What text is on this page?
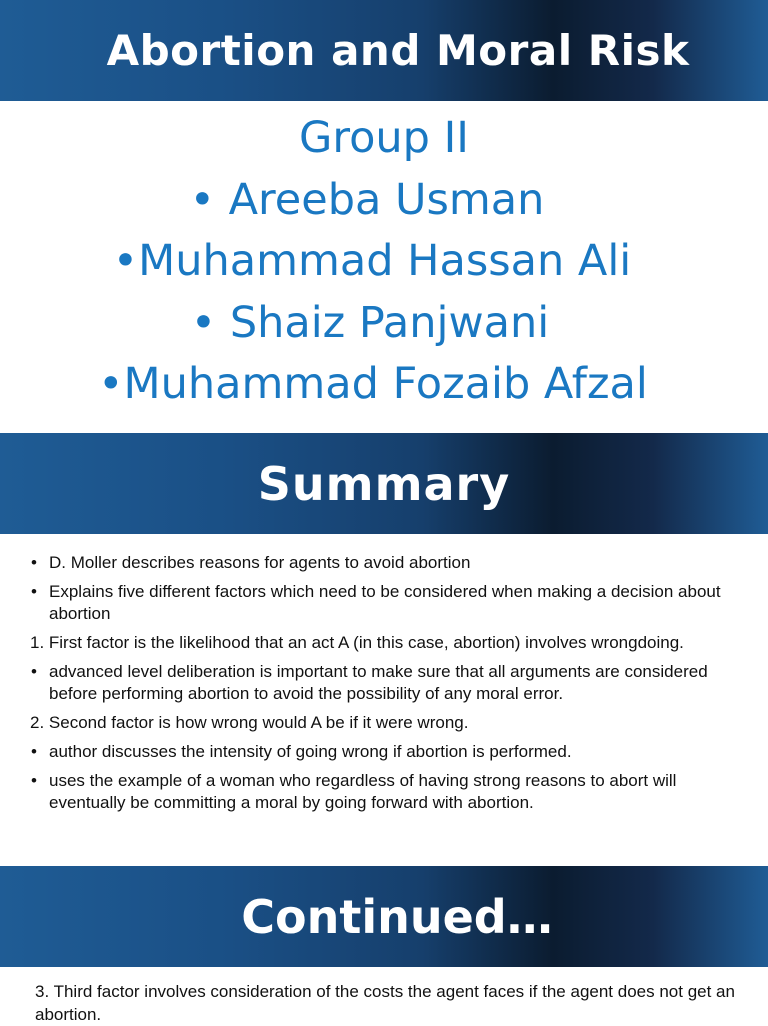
Abortion and Moral Risk
Group II
• Areeba Usman
•Muhammad Hassan Ali
• Shaiz Panjwani
•Muhammad Fozaib Afzal
Summary
• D. Moller describes reasons for agents to avoid abortion
• Explains five different factors which need to be considered when making a decision about abortion
1. First factor is the likelihood that an act A (in this case, abortion) involves wrongdoing.
• advanced level deliberation is important to make sure that all arguments are considered before performing abortion to avoid the possibility of any moral error.
2. Second factor is how wrong would A be if it were wrong.
• author discusses the intensity of going wrong if abortion is performed.
• uses the example of a woman who regardless of having strong reasons to abort will eventually be committing a moral by going forward with abortion.
Continued…
3. Third factor involves consideration of the costs the agent faces if the agent does not get an abortion.
